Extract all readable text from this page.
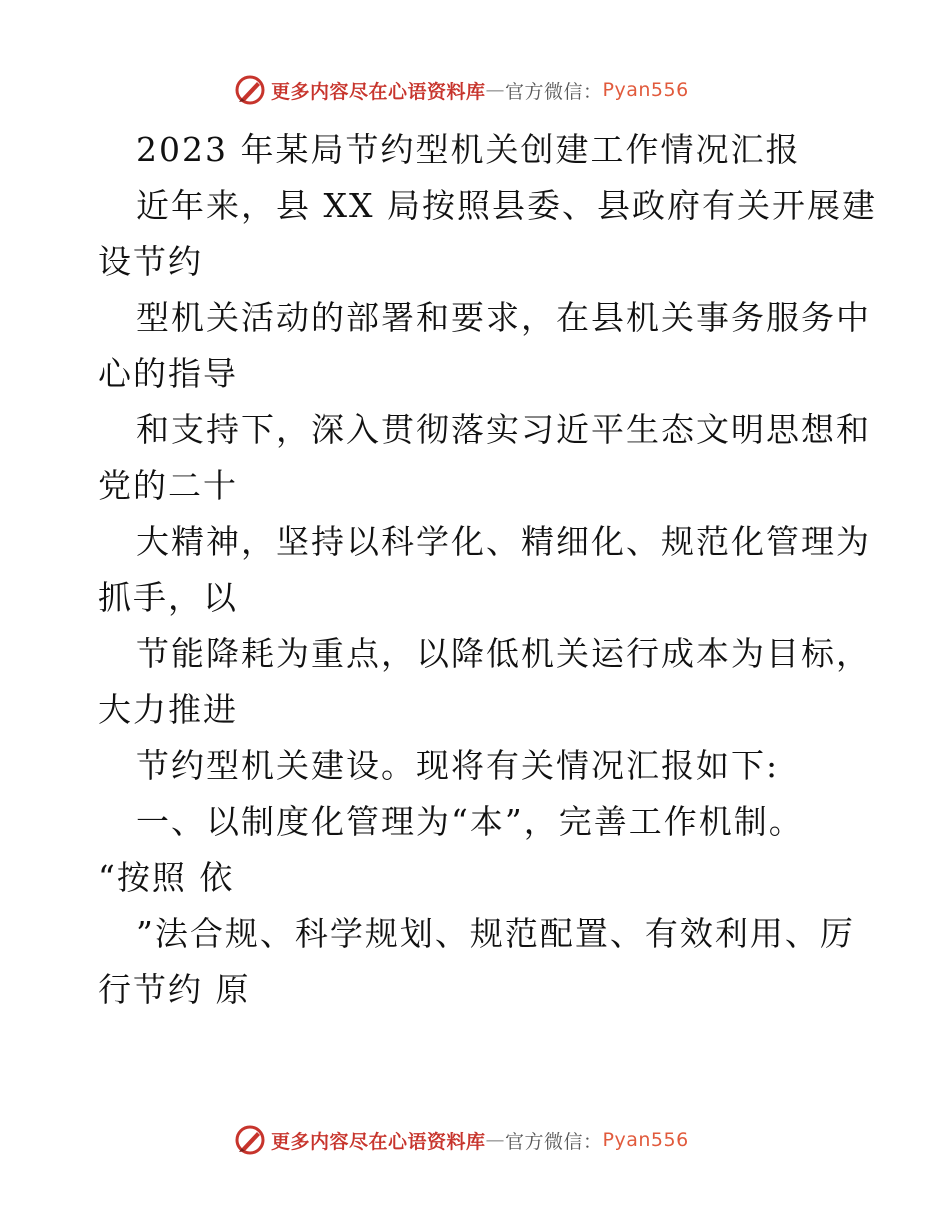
更多内容尽在心语资料库 — 官方微信： Pyan556
2023 年某局节约型机关创建工作情况汇报
近年来，县 XX 局按照县委、县政府有关开展建
设节约
型机关活动的部署和要求，在县机关事务服务中
心的指导
和支持下，深入贯彻落实习近平生态文明思想和
党的二十
大精神，坚持以科学化、精细化、规范化管理为
抓手，以
节能降耗为重点，以降低机关运行成本为目标，
大力推进
节约型机关建设。现将有关情况汇报如下:
一、以制度化管理为“本”，完善工作机制。
“按照 依
”法合规、科学规划、规范配置、有效利用、厉
行节约 原
更多内容尽在心语资料库 — 官方微信： Pyan556
